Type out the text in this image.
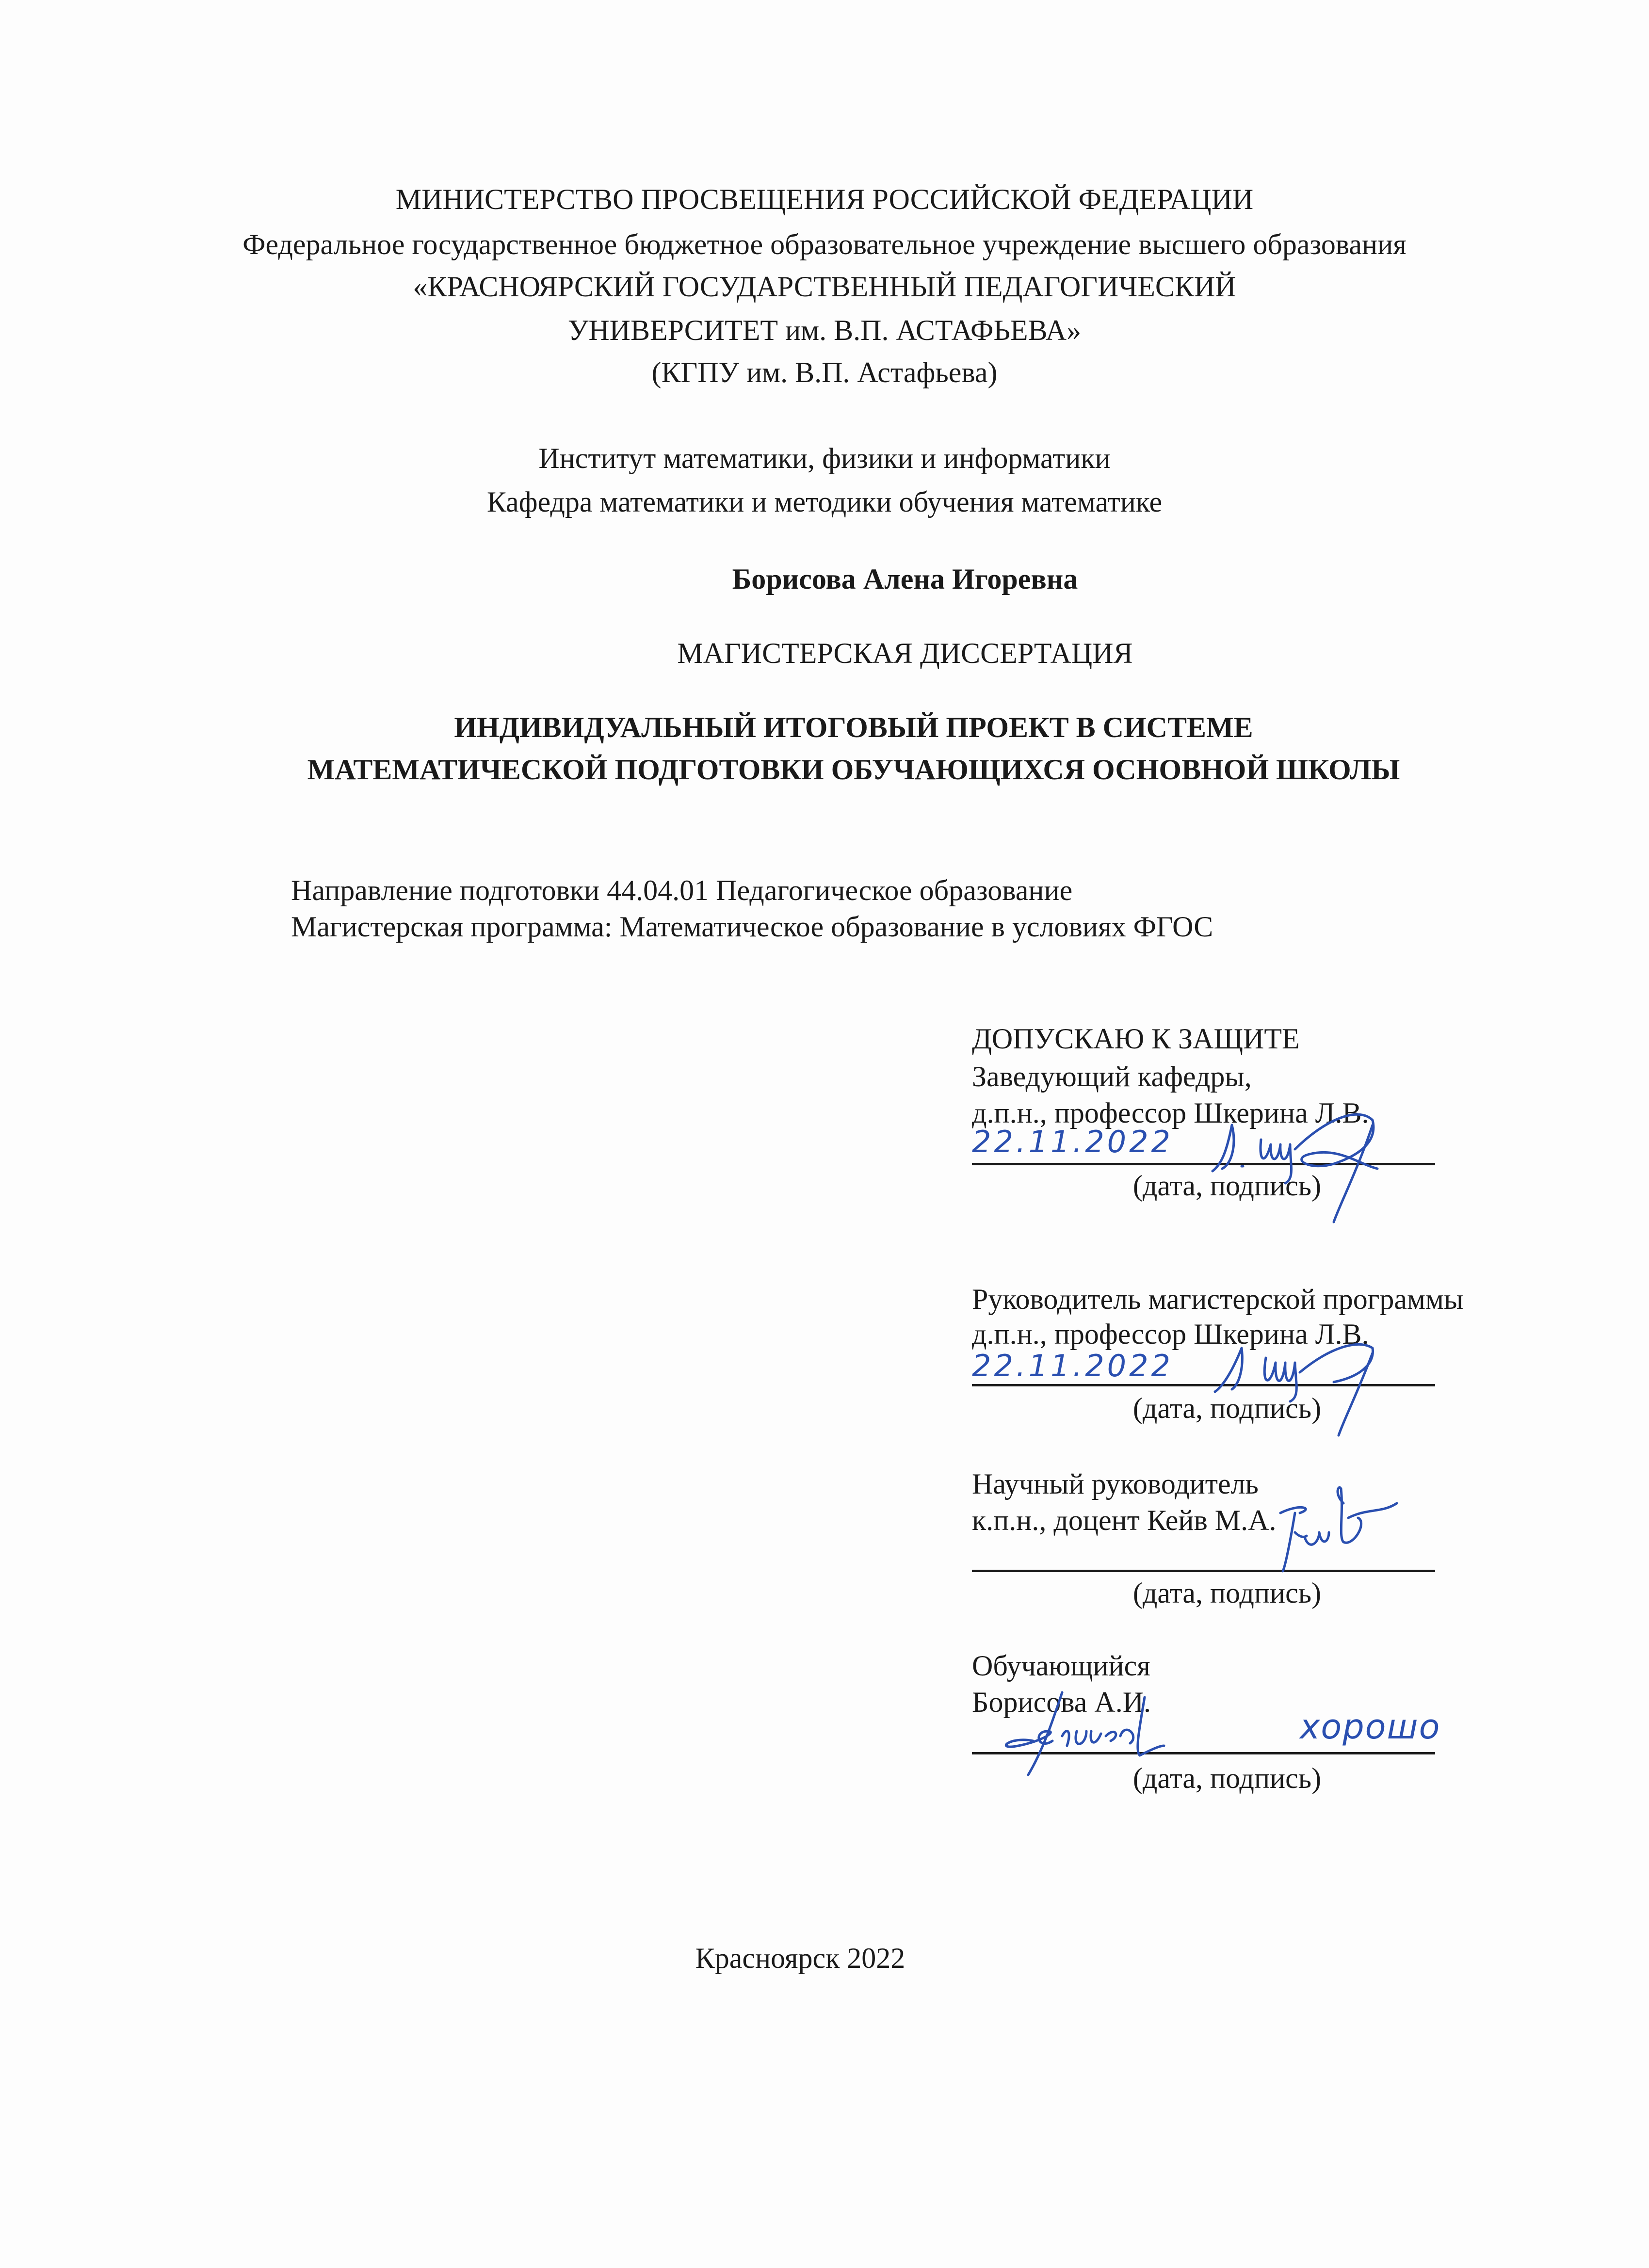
МИНИСТЕРСТВО ПРОСВЕЩЕНИЯ РОССИЙСКОЙ ФЕДЕРАЦИИ
Федеральное государственное бюджетное образовательное учреждение высшего образования
«КРАСНОЯРСКИЙ ГОСУДАРСТВЕННЫЙ ПЕДАГОГИЧЕСКИЙ
УНИВЕРСИТЕТ им. В.П. АСТАФЬЕВА»
(КГПУ им. В.П. Астафьева)
Институт математики, физики и информатики
Кафедра математики и методики обучения математике
Борисова Алена Игоревна
МАГИСТЕРСКАЯ ДИССЕРТАЦИЯ
ИНДИВИДУАЛЬНЫЙ ИТОГОВЫЙ ПРОЕКТ В СИСТЕМЕ
МАТЕМАТИЧЕСКОЙ ПОДГОТОВКИ ОБУЧАЮЩИХСЯ ОСНОВНОЙ ШКОЛЫ
Направление подготовки 44.04.01 Педагогическое образование
Магистерская программа: Математическое образование в условиях ФГОС
ДОПУСКАЮ К ЗАЩИТЕ
Заведующий кафедры,
д.п.н., профессор Шкерина Л.В.
22.11.2022
(дата, подпись)
Руководитель магистерской программы
д.п.н., профессор Шкерина Л.В.
22.11.2022
(дата, подпись)
Научный руководитель
к.п.н., доцент Кейв М.А.
(дата, подпись)
Обучающийся
Борисова А.И.
хорошо
(дата, подпись)
Красноярск 2022
